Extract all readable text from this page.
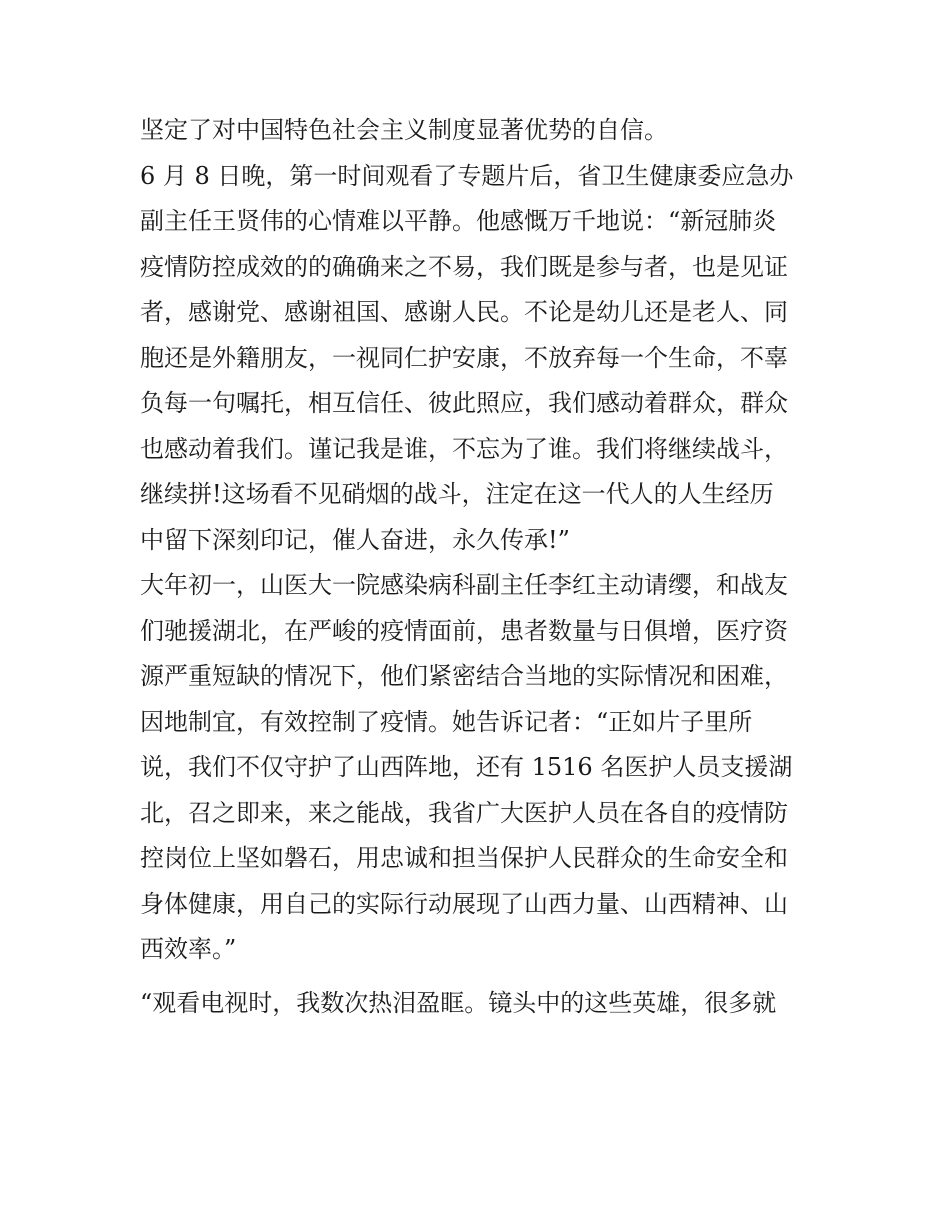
坚定了对中国特色社会主义制度显著优势的自信。
6 月 8 日晚，第一时间观看了专题片后，省卫生健康委应急办
副主任王贤伟的心情难以平静。他感慨万千地说：“新冠肺炎
疫情防控成效的的确确来之不易，我们既是参与者，也是见证
者，感谢党、感谢祖国、感谢人民。不论是幼儿还是老人、同
胞还是外籍朋友，一视同仁护安康，不放弃每一个生命，不辜
负每一句嘱托，相互信任、彼此照应，我们感动着群众，群众
也感动着我们。谨记我是谁，不忘为了谁。我们将继续战斗，
继续拼!这场看不见硝烟的战斗，注定在这一代人的人生经历
中留下深刻印记，催人奋进，永久传承!”
大年初一，山医大一院感染病科副主任李红主动请缨，和战友
们驰援湖北，在严峻的疫情面前，患者数量与日俱增，医疗资
源严重短缺的情况下，他们紧密结合当地的实际情况和困难，
因地制宜，有效控制了疫情。她告诉记者：“正如片子里所
说，我们不仅守护了山西阵地，还有 1516 名医护人员支援湖
北，召之即来，来之能战，我省广大医护人员在各自的疫情防
控岗位上坚如磐石，用忠诚和担当保护人民群众的生命安全和
身体健康，用自己的实际行动展现了山西力量、山西精神、山
西效率。”
“观看电视时，我数次热泪盈眶。镜头中的这些英雄，很多就
